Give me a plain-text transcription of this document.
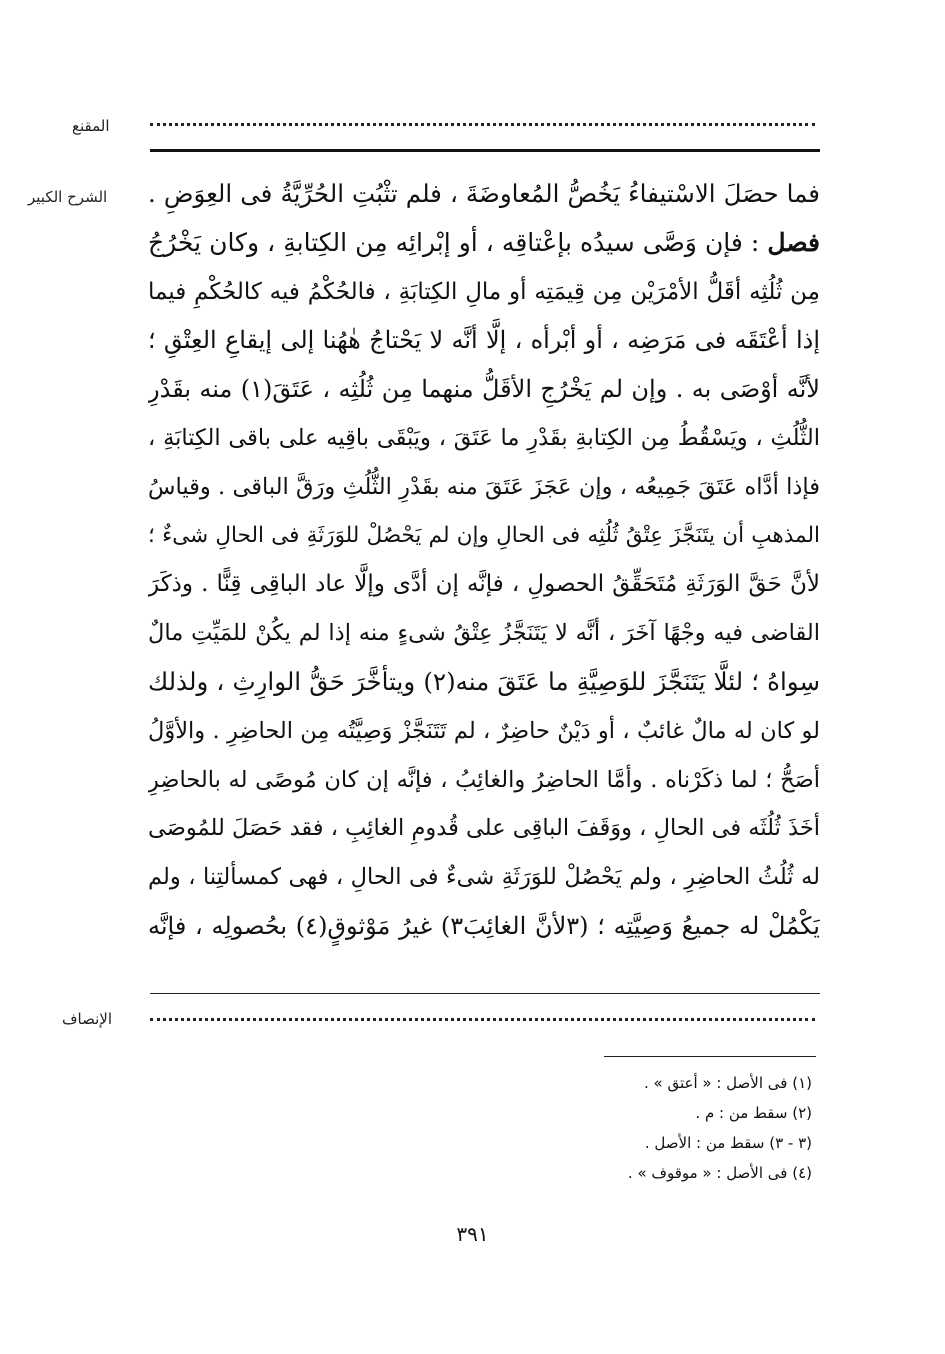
المقنع
الشرح الكبير
الإنصاف
فما حصَلَ الاسْتيفاءُ يَخُصُّ المُعاوضَةَ ، فلم تثْبُتِ الحُرِّيَّةُ فى العِوَضِ .
فصل : فإن وَصَّى سيدُه بإعْتاقِه ، أو إبْرائِه مِن الكِتابةِ ، وكان يَخْرُجُ
مِن ثُلُثِه أقَلُّ الأمْرَيْن مِن قِيمَتِه أو مالِ الكِتابَةِ ، فالحُكْمُ فيه كالحُكْمِ فيما
إذا أعْتَقَه فى مَرَضِه ، أو أبْرأه ، إلَّا أنَّه لا يَحْتاجُ هٰهُنا إلى إيقاعِ العِتْقِ ؛
لأنَّه أوْصَى به . وإن لم يَخْرُجِ الأقَلُّ منهما مِن ثُلُثِه ، عَتَقَ(١) منه بقَدْرِ
الثُّلُثِ ، ويَسْقُطُ مِن الكِتابةِ بقَدْرِ ما عَتَقَ ، ويَبْقَى باقِيه على باقى الكِتابَةِ ،
فإذا أدَّاه عَتَقَ جَمِيعُه ، وإن عَجَزَ عَتَقَ منه بقَدْرِ الثُّلُثِ ورَقَّ الباقى . وقياسُ
المذهبِ أن يتَنَجَّزَ عِتْقُ ثُلُثِه فى الحالِ وإن لم يَحْصُلْ للوَرَثَةِ فى الحالِ شىءٌ ؛
لأنَّ حَقَّ الوَرَثَةِ مُتَحَقِّقُ الحصولِ ، فإنَّه إن أدَّى وإلَّا عاد الباقِى قِنًّا . وذكَرَ
القاضى فيه وجْهًا آخَرَ ، أنَّه لا يَتَنَجَّزُ عِتْقُ شىءٍ منه إذا لم يكُنْ للمَيِّتِ مالٌ
سِواهُ ؛ لئلَّا يَتَنَجَّزَ للوَصِيَّةِ ما عَتَقَ منه(٢) ويتأخَّرَ حَقُّ الوارِثِ ، ولذلك
لو كان له مالٌ غائبٌ ، أو دَيْنٌ حاضِرٌ ، لم تَتَنَجَّزْ وَصِيَّتُه مِن الحاضِرِ . والأوَّلُ
أصَحُّ ؛ لما ذكَرْناه . وأمَّا الحاضِرُ والغائِبُ ، فإنَّه إن كان مُوصًى له بالحاضِرِ
أخَذَ ثُلُثَه فى الحالِ ، ووَقَفَ الباقِى على قُدومِ الغائِبِ ، فقد حَصَلَ للمُوصَى
له ثُلُثُ الحاضِرِ ، ولم يَحْصُلْ للوَرَثَةِ شىءٌ فى الحالِ ، فهى كمسألتِنا ، ولم
يَكْمُلْ له جميعُ وَصِيَّتِه ؛ (٣لأنَّ الغائِبَ٣) غيرُ مَوْثوقٍ(٤) بحُصولِه ، فإنَّه
(١) فى الأصل : « أعتق » .
(٢) سقط من : م .
(٣ - ٣) سقط من : الأصل .
(٤) فى الأصل : « موقوف » .
٣٩١
